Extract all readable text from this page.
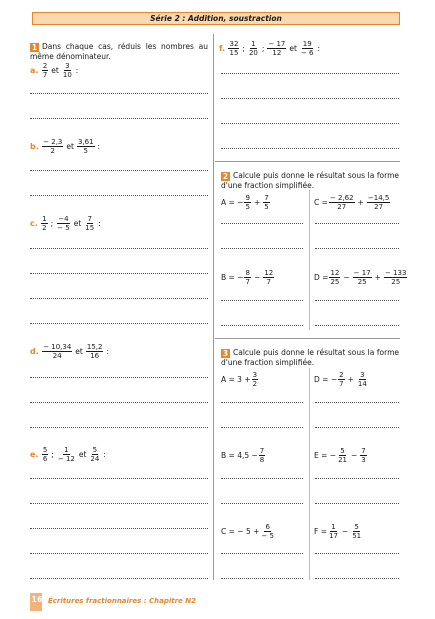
Série 2 : Addition, soustraction
1 Dans chaque cas, réduis les nombres au même dénominateur.
a.
$\frac{2}{7}$ et $\frac{3}{10}$ :
b.
$\frac{- 2,3}{2}$ et $\frac{3,61}{5}$ :
c.
$\frac{1}{2}$ ; $\frac{-4}{- 5}$ et $\frac{7}{15}$ :
d.
$\frac{- 10,34}{24}$ et $\frac{15,2}{16}$ :
e.
$\frac{5}{6}$ ; $\frac{1}{- 12}$ et $\frac{5}{24}$ :
f.
$\frac{32}{15}$ ; $\frac{1}{20}$ ; $\frac{- 17}{12}$ et $\frac{19}{- 6}$ :
2 Calcule puis donne le résultat sous la forme d'une fraction simplifiée.
A = − $\frac{9}{5} + \frac{7}{5}$	$C = \frac{- 2,62}{27} + \frac{-14,5}{27}$
B = − $\frac{8}{7} - \frac{12}{7}$	$D = \frac{12}{25} - \frac{- 17}{25} + \frac{- 133}{25}$
3 Calcule puis donne le résultat sous la forme d'une fraction simplifiée.
$A = 3 + \frac{3}{2}$	D = − $\frac{2}{7} + \frac{3}{14}$
$B = 4,5 - \frac{7}{8}$	E = − $\frac{5}{21} - \frac{7}{3}$
C = − $5 + \frac{6}{- 5}$	$F = \frac{1}{17} - \frac{5}{51}$
16 Écritures fractionnaires : Chapitre N2
